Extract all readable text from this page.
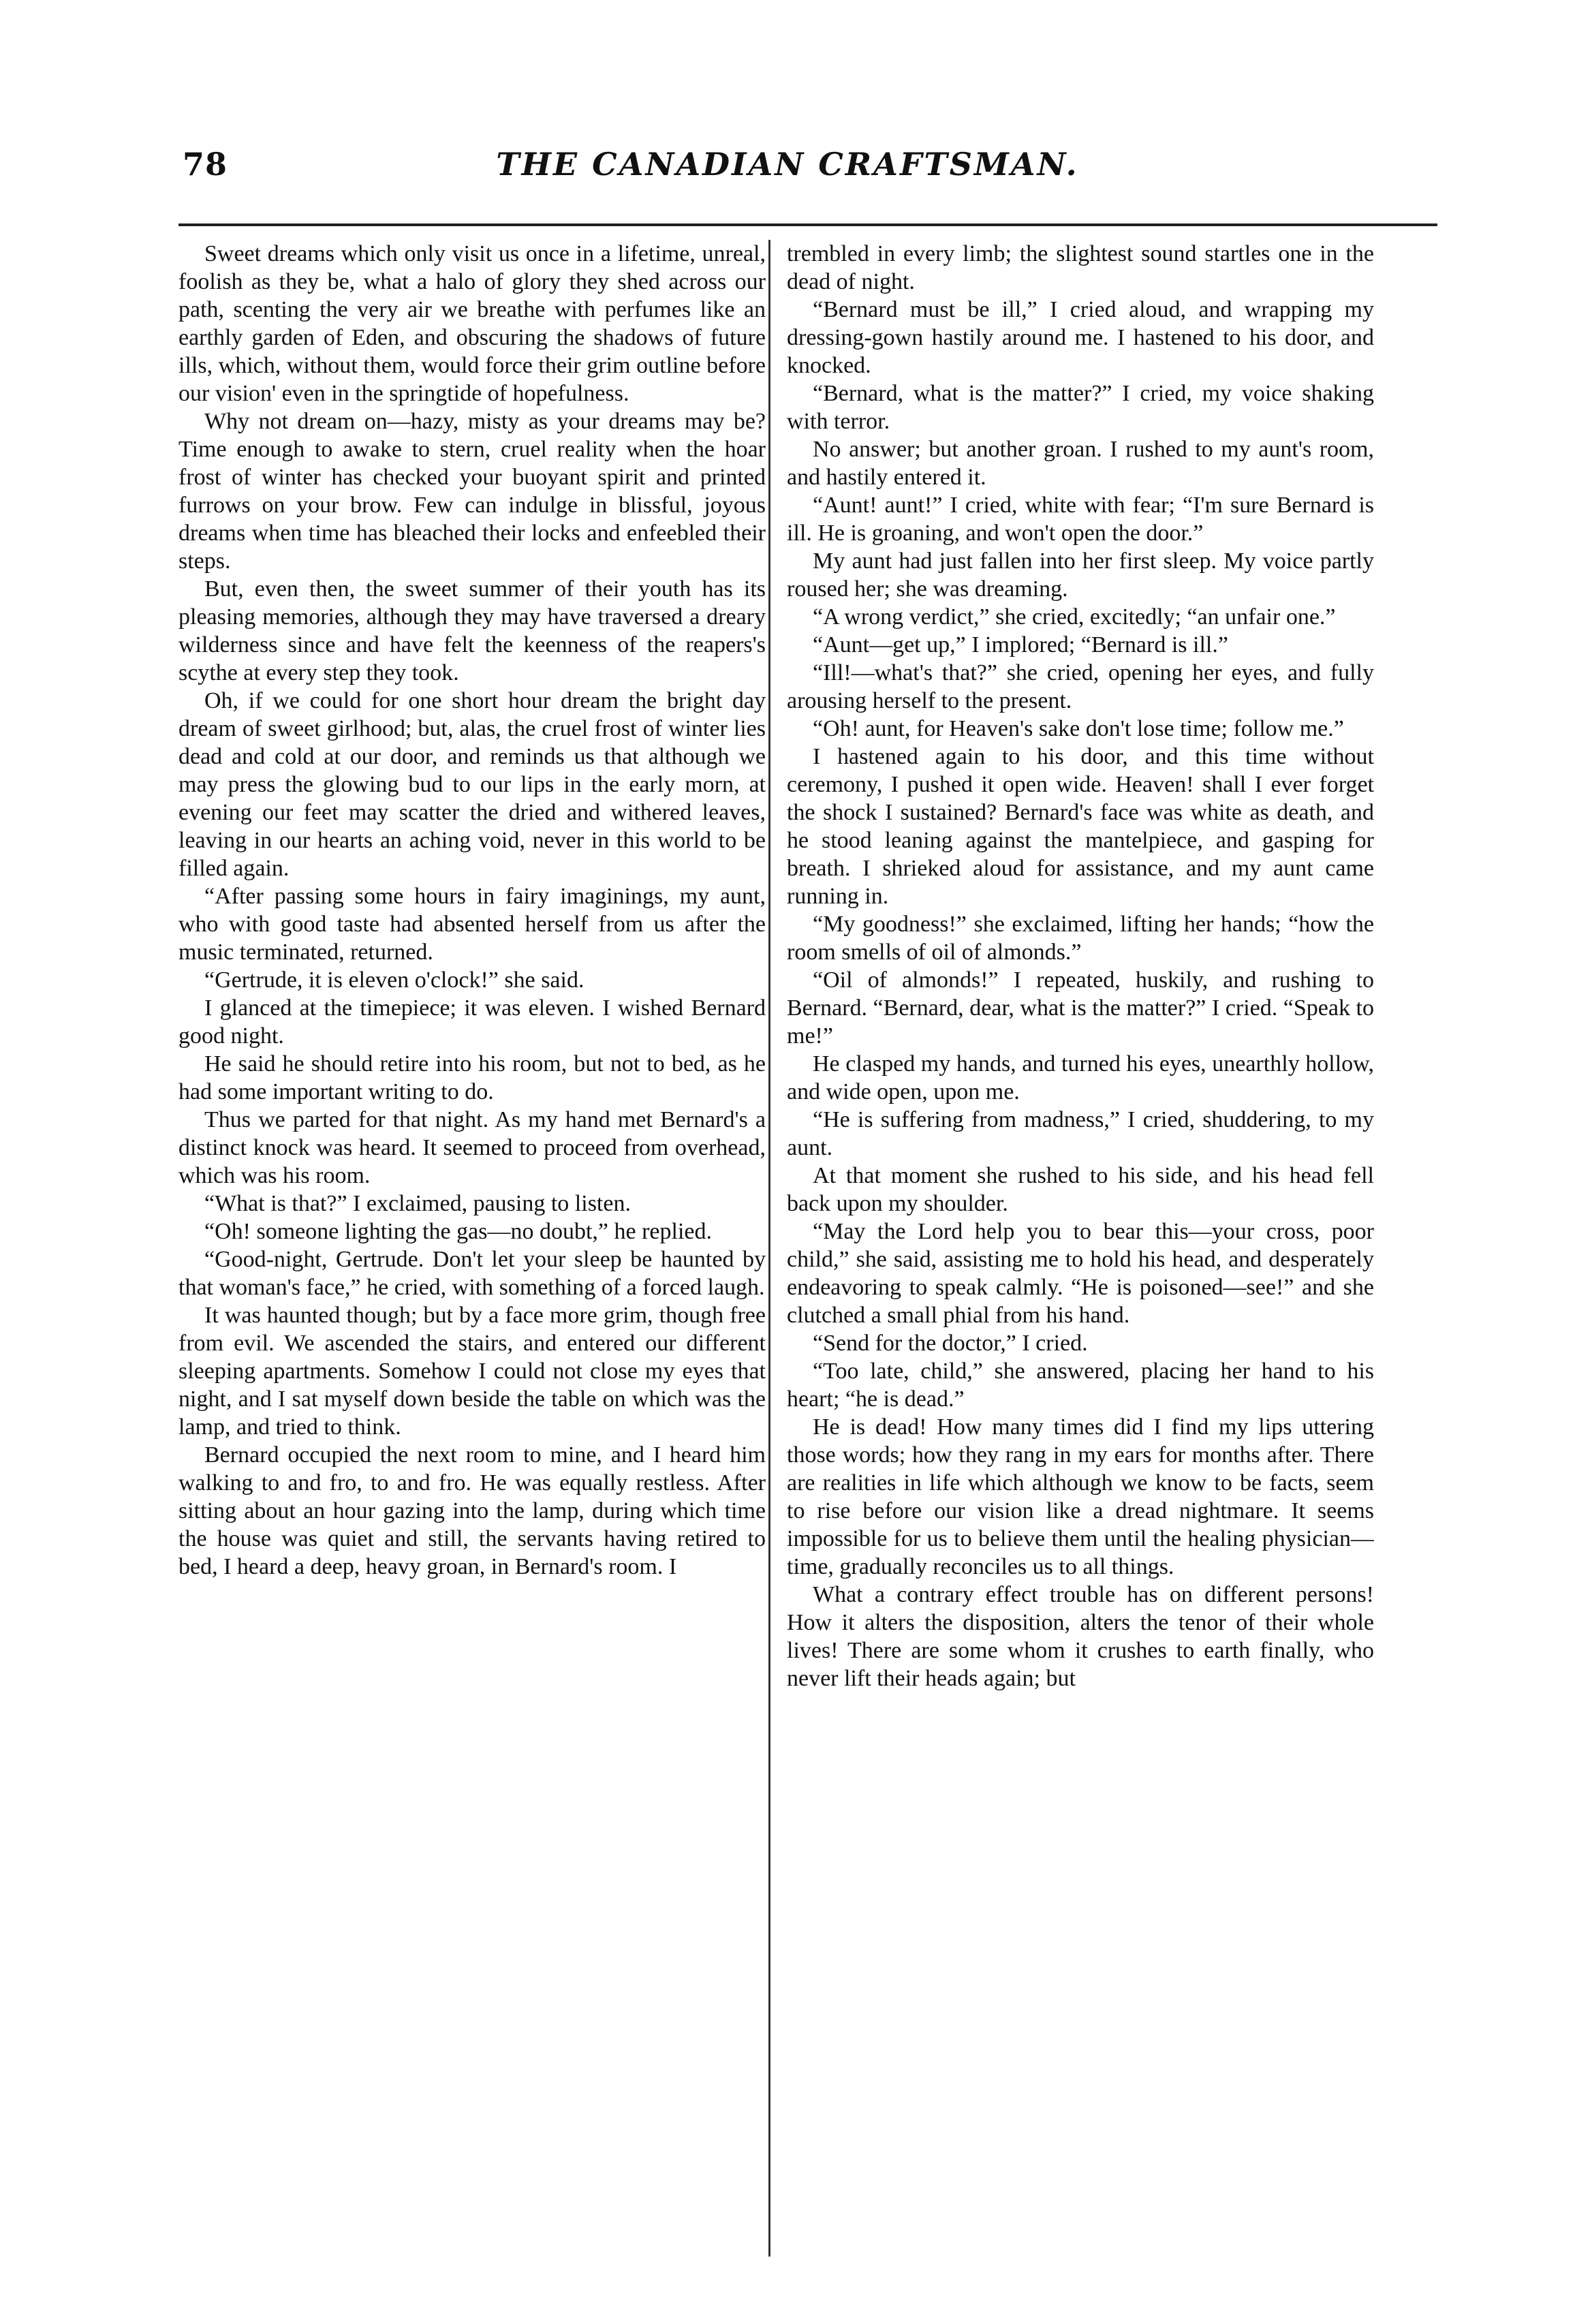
78	THE CANADIAN CRAFTSMAN.

Sweet dreams which only visit us once in a lifetime, unreal, foolish as they be, what a halo of glory they shed across our path, scenting the very air we breathe with perfumes like an earthly garden of Eden, and obscuring the shadows of future ills, which, without them, would force their grim outline before our vision' even in the springtide of hopefulness.

Why not dream on—hazy, misty as your dreams may be? Time enough to awake to stern, cruel reality when the hoar frost of winter has checked your buoyant spirit and printed furrows on your brow. Few can indulge in blissful, joyous dreams when time has bleached their locks and enfeebled their steps.

But, even then, the sweet summer of their youth has its pleasing memories, although they may have traversed a dreary wilderness since and have felt the keenness of the reapers's scythe at every step they took.

Oh, if we could for one short hour dream the bright day dream of sweet girlhood; but, alas, the cruel frost of winter lies dead and cold at our door, and reminds us that although we may press the glowing bud to our lips in the early morn, at evening our feet may scatter the dried and withered leaves, leaving in our hearts an aching void, never in this world to be filled again.

“After passing some hours in fairy imaginings, my aunt, who with good taste had absented herself from us after the music terminated, returned.

“Gertrude, it is eleven o'clock!” she said.

I glanced at the timepiece; it was eleven. I wished Bernard good night.

He said he should retire into his room, but not to bed, as he had some important writing to do.

Thus we parted for that night. As my hand met Bernard's a distinct knock was heard. It seemed to proceed from overhead, which was his room.

“What is that?” I exclaimed, pausing to listen.

“Oh! someone lighting the gas—no doubt,” he replied.

“Good-night, Gertrude. Don't let your sleep be haunted by that woman's face,” he cried, with something of a forced laugh.

It was haunted though; but by a face more grim, though free from evil. We ascended the stairs, and entered our different sleeping apartments. Somehow I could not close my eyes that night, and I sat myself down beside the table on which was the lamp, and tried to think.

Bernard occupied the next room to mine, and I heard him walking to and fro, to and fro. He was equally restless. After sitting about an hour gazing into the lamp, during which time the house was quiet and still, the servants having retired to bed, I heard a deep, heavy groan, in Bernard's room. I

trembled in every limb; the slightest sound startles one in the dead of night.

“Bernard must be ill,” I cried aloud, and wrapping my dressing-gown hastily around me. I hastened to his door, and knocked.

“Bernard, what is the matter?” I cried, my voice shaking with terror.

No answer; but another groan. I rushed to my aunt's room, and hastily entered it.

“Aunt! aunt!” I cried, white with fear; “I'm sure Bernard is ill. He is groaning, and won't open the door.”

My aunt had just fallen into her first sleep. My voice partly roused her; she was dreaming.

“A wrong verdict,” she cried, excitedly; “an unfair one.”

“Aunt—get up,” I implored; “Bernard is ill.”

“Ill!—what's that?” she cried, opening her eyes, and fully arousing herself to the present.

“Oh! aunt, for Heaven's sake don't lose time; follow me.”

I hastened again to his door, and this time without ceremony, I pushed it open wide. Heaven! shall I ever forget the shock I sustained? Bernard's face was white as death, and he stood leaning against the mantelpiece, and gasping for breath. I shrieked aloud for assistance, and my aunt came running in.

“My goodness!” she exclaimed, lifting her hands; “how the room smells of oil of almonds.”

“Oil of almonds!” I repeated, huskily, and rushing to Bernard. “Bernard, dear, what is the matter?” I cried. “Speak to me!”

He clasped my hands, and turned his eyes, unearthly hollow, and wide open, upon me.

“He is suffering from madness,” I cried, shuddering, to my aunt.

At that moment she rushed to his side, and his head fell back upon my shoulder.

“May the Lord help you to bear this—your cross, poor child,” she said, assisting me to hold his head, and desperately endeavoring to speak calmly. “He is poisoned—see!” and she clutched a small phial from his hand.

“Send for the doctor,” I cried.

“Too late, child,” she answered, placing her hand to his heart; “he is dead.”

He is dead! How many times did I find my lips uttering those words; how they rang in my ears for months after. There are realities in life which although we know to be facts, seem to rise before our vision like a dread nightmare. It seems impossible for us to believe them until the healing physician—time, gradually reconciles us to all things.

What a contrary effect trouble has on different persons! How it alters the disposition, alters the tenor of their whole lives! There are some whom it crushes to earth finally, who never lift their heads again; but
